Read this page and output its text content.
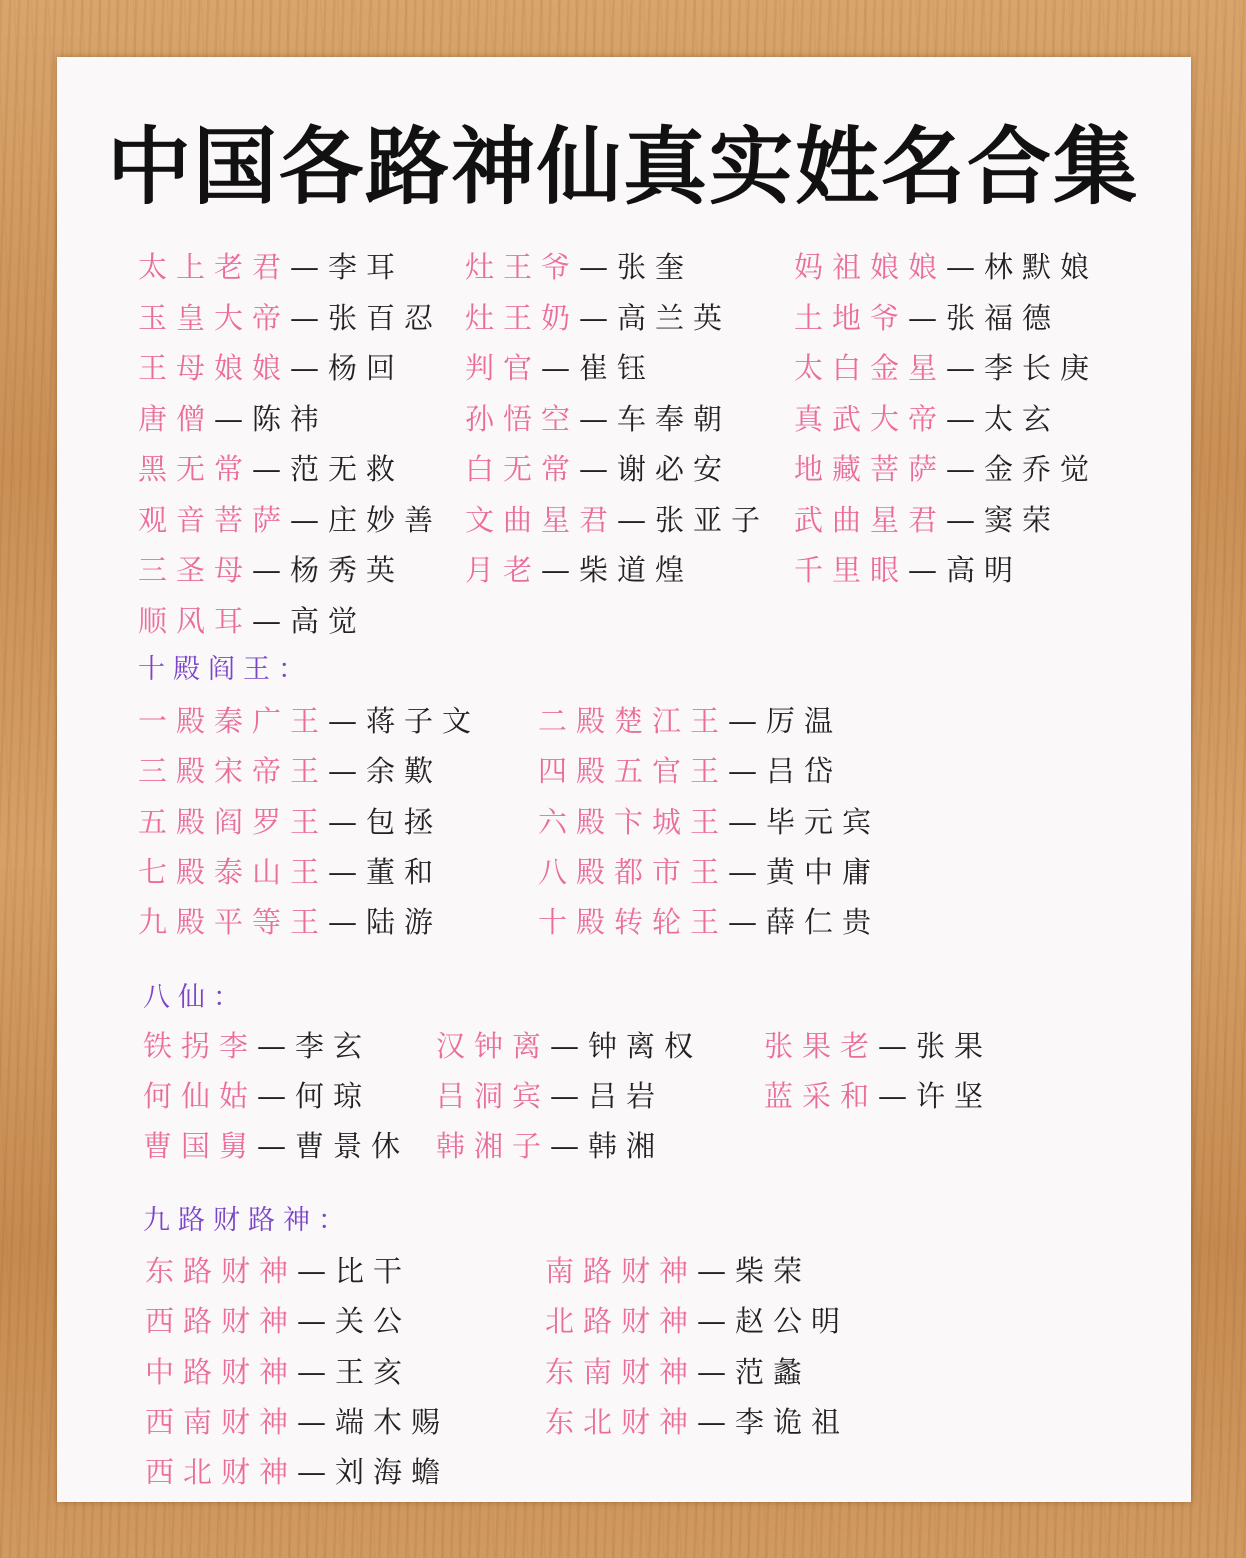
中国各路神仙真实姓名合集
太上老君—李耳 灶王爷—张奎	妈祖娘娘—林默娘
玉皇大帝—张百忍 灶王奶—高兰英 土地爷—张福德
王母娘娘—杨回 判官—崔钰	太白金星—李长庚
唐僧—陈祎	孙悟空—车奉朝 真武大帝—太玄
黑无常—范无救 白无常—谢必安 地藏菩萨—金乔觉
观音菩萨—庄妙善 文曲星君—张亚子 武曲星君—窦荣
三圣母—杨秀英 月老—柴道煌	千里眼—高明
顺风耳—高觉
十殿阎王：
一殿秦广王—蒋子文 二殿楚江王—厉温
三殿宋帝王—余歎	四殿五官王—吕岱
五殿阎罗王—包拯	六殿卞城王—毕元宾
七殿泰山王—董和	八殿都市王—黄中庸
九殿平等王—陆游	十殿转轮王—薛仁贵
八仙：
铁拐李—李玄 汉钟离—钟离权 张果老—张果
何仙姑—何琼 吕洞宾—吕岩	蓝采和—许坚
曹国舅—曹景休 韩湘子—韩湘
九路财路神：
东路财神—比干	南路财神—柴荣
西路财神—关公	北路财神—赵公明
中路财神—王亥	东南财神—范蠡
西南财神—端木赐	东北财神—李诡祖
西北财神—刘海蟾
